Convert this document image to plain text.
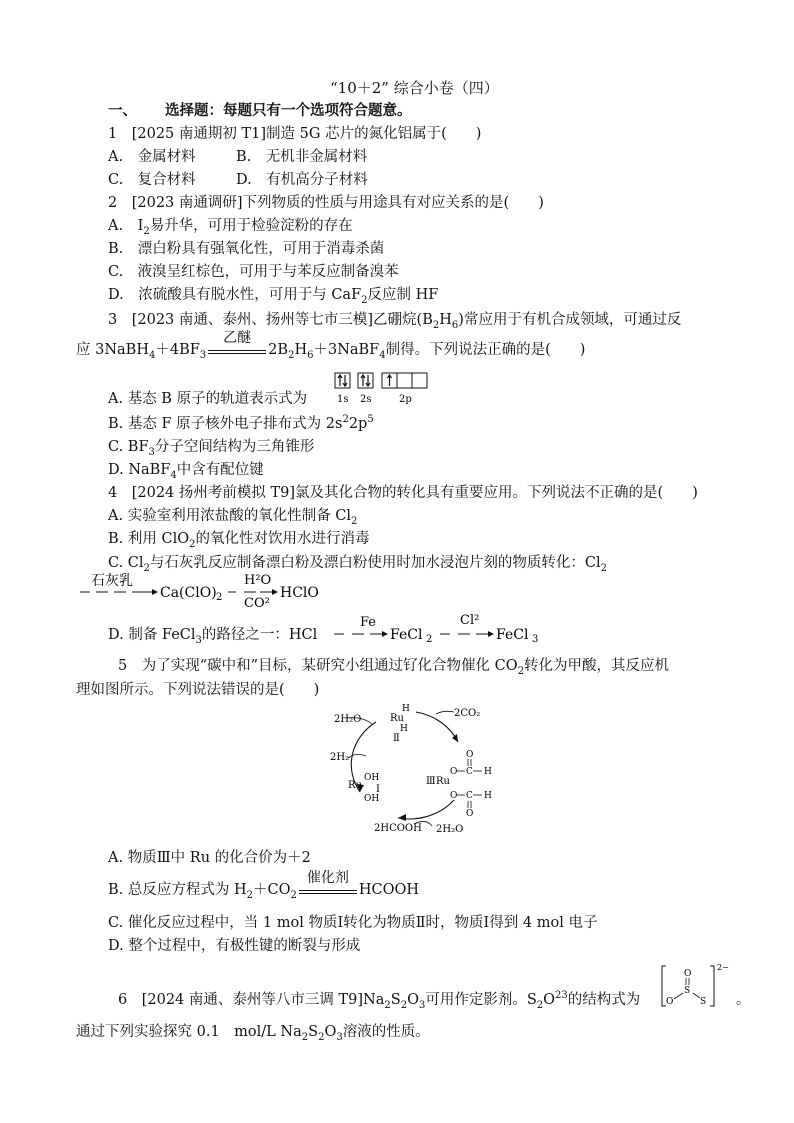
“10＋2” 综合小卷（四）
一、 选择题：每题只有一个选项符合题意。
1　[2025 南通期初 T1]制造 5G 芯片的氮化铝属于(　　)
A.　金属材料	B.　无机非金属材料
C.　复合材料	D.　有机高分子材料
2　[2023 南通调研]下列物质的性质与用途具有对应关系的是(　　)
A.　$I_2$易升华，可用于检验淀粉的存在
B.　漂白粉具有强氧化性，可用于消毒杀菌
C.　液溴呈红棕色，可用于与苯反应制备溴苯
D.　浓硫酸具有脱水性，可用于与 CaF$_2$反应制 HF
3　[2023 南通、泰州、扬州等七市三模]乙硼烷$(B_2H_6)$常应用于有机合成领域，可通过反
应 $3NaBH_4+4BF_3$
乙醚
$2B_2H_6+3NaBF_4$制得。下列说法正确的是(　　)
A. 基态 B 原子的轨道表示式为	1s 2s	2p
B. 基态 F 原子核外电子排布式为 $2s^22p^5$
C. $BF_3$分子空间结构为三角锥形
D. NaBF$_4$中含有配位键
4　[2024 扬州考前模拟 T9]氯及其化合物的转化具有重要应用。下列说法不正确的是(　　)
A. 实验室利用浓盐酸的氧化性制备 $Cl_2$
B. 利用 ClO$_2$的氧化性对饮用水进行消毒
C. $Cl_2$与石灰乳反应制备漂白粉及漂白粉使用时加水浸泡片刻的物质转化：$Cl_2$
石灰乳
Ca(ClO) 2
H²O
CO²
HClO
D. 制备 FeCl$_3$的路径之一：HCl
Fe
FeCl 2
Cl²
FeCl 3
5　为了实现“碳中和”目标，某研究小组通过钌化合物催化 $CO_2$转化为甲酸，其反应机
理如图所示。下列说法错误的是(　　)
2H₂O
2CO₂
2H₂
2HCOOH 2H₂O
Ru
H
H
Ⅱ
Ru
OH
OH
Ⅰ
Ⅲ Ru
O
O
C
C
O
O
H
H
A. 物质Ⅲ中 Ru 的化合价为＋2
B. 总反应方程式为 $H_2+CO_2$
催化剂
HCOOH
C. 催化反应过程中，当 1 mol 物质Ⅰ转化为物质Ⅱ时，物质Ⅰ得到 4 mol 电子
D. 整个过程中，有极性键的断裂与形成
6　[2024 南通、泰州等八市三调 $T9]Na_2S_2O_3$可用作定影剂。$S_2O^{23}$的结构式为
O
S
O	S
2−
。
通过下列实验探究 0.1　mol/L $Na_2S_2O_3$溶液的性质。
